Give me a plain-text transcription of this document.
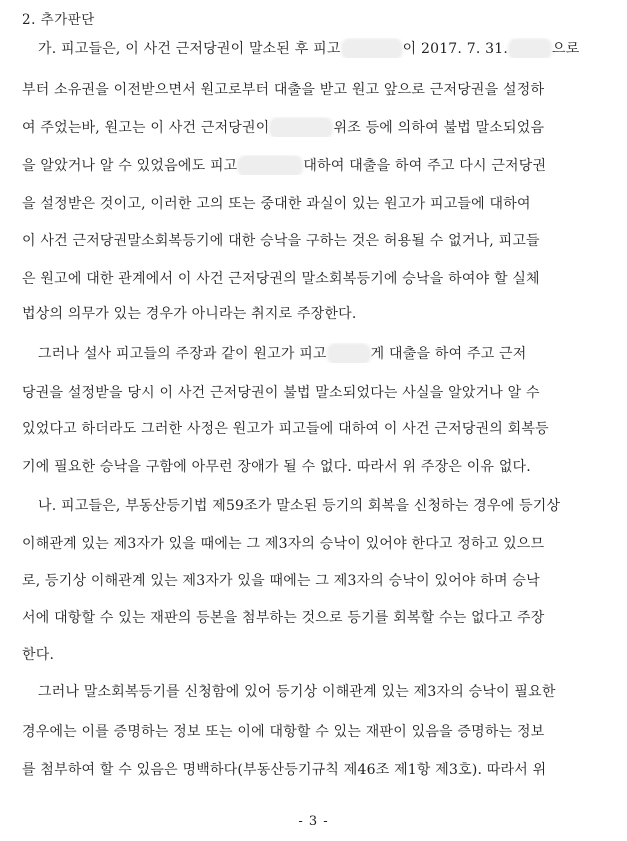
2. 추가판단
가. 피고들은, 이 사건 근저당권이 말소된 후 피고	이 2017. 7. 31.	으로
부터 소유권을 이전받으면서 원고로부터 대출을 받고 원고 앞으로 근저당권을 설정하
여 주었는바, 원고는 이 사건 근저당권이	위조 등에 의하여 불법 말소되었음
을 알았거나 알 수 있었음에도 피고	대하여 대출을 하여 주고 다시 근저당권
을 설정받은 것이고, 이러한 고의 또는 중대한 과실이 있는 원고가 피고들에 대하여
이 사건 근저당권말소회복등기에 대한 승낙을 구하는 것은 허용될 수 없거나, 피고들
은 원고에 대한 관계에서 이 사건 근저당권의 말소회복등기에 승낙을 하여야 할 실체
법상의 의무가 있는 경우가 아니라는 취지로 주장한다.
그러나 설사 피고들의 주장과 같이 원고가 피고	게 대출을 하여 주고 근저
당권을 설정받을 당시 이 사건 근저당권이 불법 말소되었다는 사실을 알았거나 알 수
있었다고 하더라도 그러한 사정은 원고가 피고들에 대하여 이 사건 근저당권의 회복등
기에 필요한 승낙을 구함에 아무런 장애가 될 수 없다. 따라서 위 주장은 이유 없다.
나. 피고들은, 부동산등기법 제59조가 말소된 등기의 회복을 신청하는 경우에 등기상
이해관계 있는 제3자가 있을 때에는 그 제3자의 승낙이 있어야 한다고 정하고 있으므
로, 등기상 이해관계 있는 제3자가 있을 때에는 그 제3자의 승낙이 있어야 하며 승낙
서에 대항할 수 있는 재판의 등본을 첨부하는 것으로 등기를 회복할 수는 없다고 주장
한다.
그러나 말소회복등기를 신청함에 있어 등기상 이해관계 있는 제3자의 승낙이 필요한
경우에는 이를 증명하는 정보 또는 이에 대항할 수 있는 재판이 있음을 증명하는 정보
를 첨부하여 할 수 있음은 명백하다(부동산등기규칙 제46조 제1항 제3호). 따라서 위
- 3 -
